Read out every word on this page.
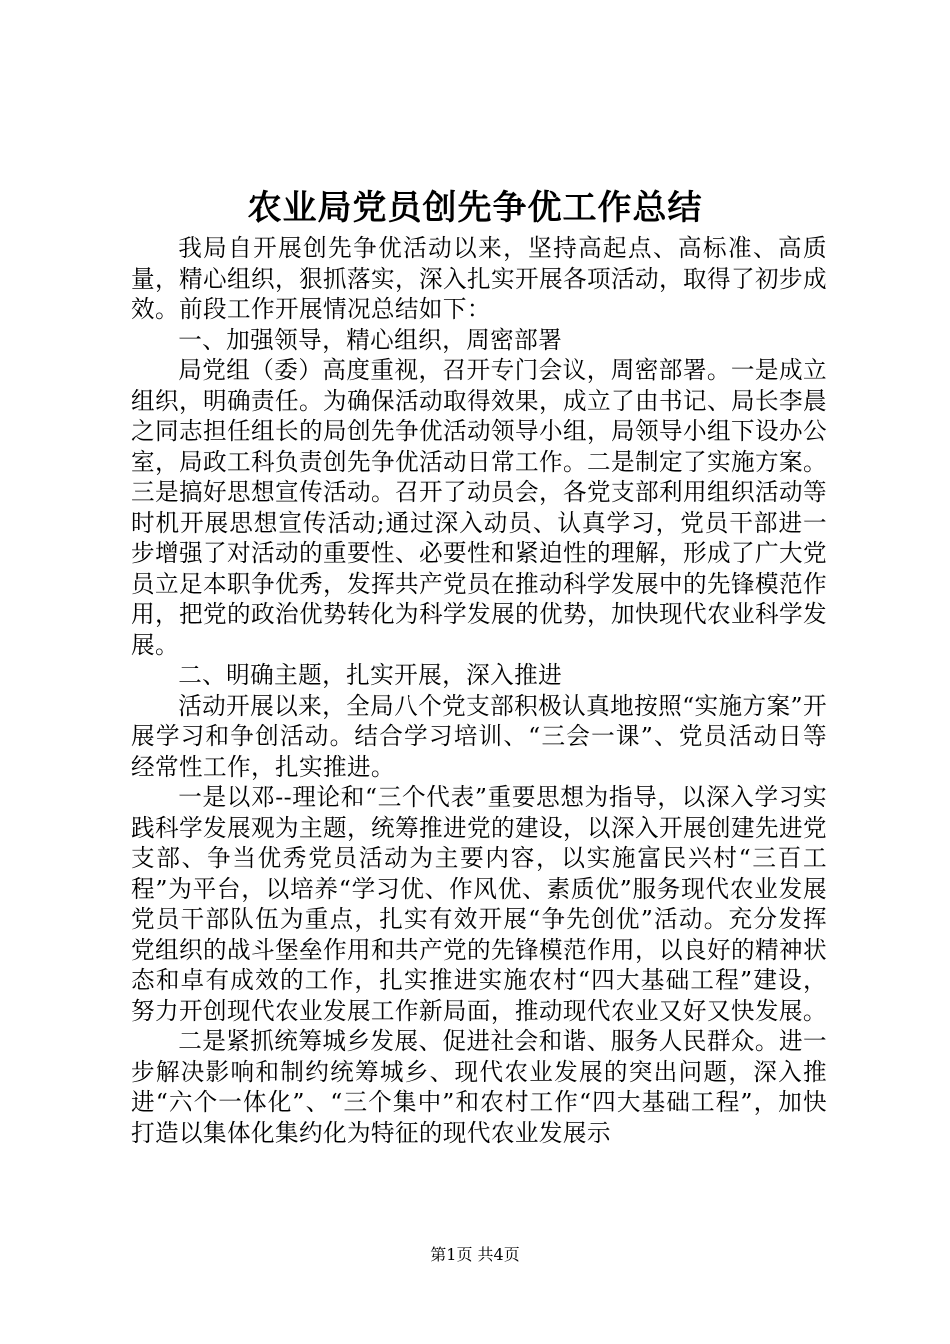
农业局党员创先争优工作总结

我局自开展创先争优活动以来，坚持高起点、高标准、高质量，精心组织，狠抓落实，深入扎实开展各项活动，取得了初步成效。前段工作开展情况总结如下：

一、加强领导，精心组织，周密部署

局党组（委）高度重视，召开专门会议，周密部署。一是成立组织，明确责任。为确保活动取得效果，成立了由书记、局长李晨之同志担任组长的局创先争优活动领导小组，局领导小组下设办公室，局政工科负责创先争优活动日常工作。二是制定了实施方案。三是搞好思想宣传活动。召开了动员会，各党支部利用组织活动等时机开展思想宣传活动;通过深入动员、认真学习，党员干部进一步增强了对活动的重要性、必要性和紧迫性的理解，形成了广大党员立足本职争优秀，发挥共产党员在推动科学发展中的先锋模范作用，把党的政治优势转化为科学发展的优势，加快现代农业科学发展。

二、明确主题，扎实开展，深入推进

活动开展以来，全局八个党支部积极认真地按照“实施方案”开展学习和争创活动。结合学习培训、“三会一课”、党员活动日等经常性工作，扎实推进。

一是以邓--理论和“三个代表”重要思想为指导，以深入学习实践科学发展观为主题，统筹推进党的建设，以深入开展创建先进党支部、争当优秀党员活动为主要内容，以实施富民兴村“三百工程”为平台，以培养“学习优、作风优、素质优”服务现代农业发展党员干部队伍为重点，扎实有效开展“争先创优”活动。充分发挥党组织的战斗堡垒作用和共产党的先锋模范作用，以良好的精神状态和卓有成效的工作，扎实推进实施农村“四大基础工程”建设，努力开创现代农业发展工作新局面，推动现代农业又好又快发展。

二是紧抓统筹城乡发展、促进社会和谐、服务人民群众。进一步解决影响和制约统筹城乡、现代农业发展的突出问题，深入推进“六个一体化”、“三个集中”和农村工作“四大基础工程”，加快打造以集体化集约化为特征的现代农业发展示

第1页 共4页
